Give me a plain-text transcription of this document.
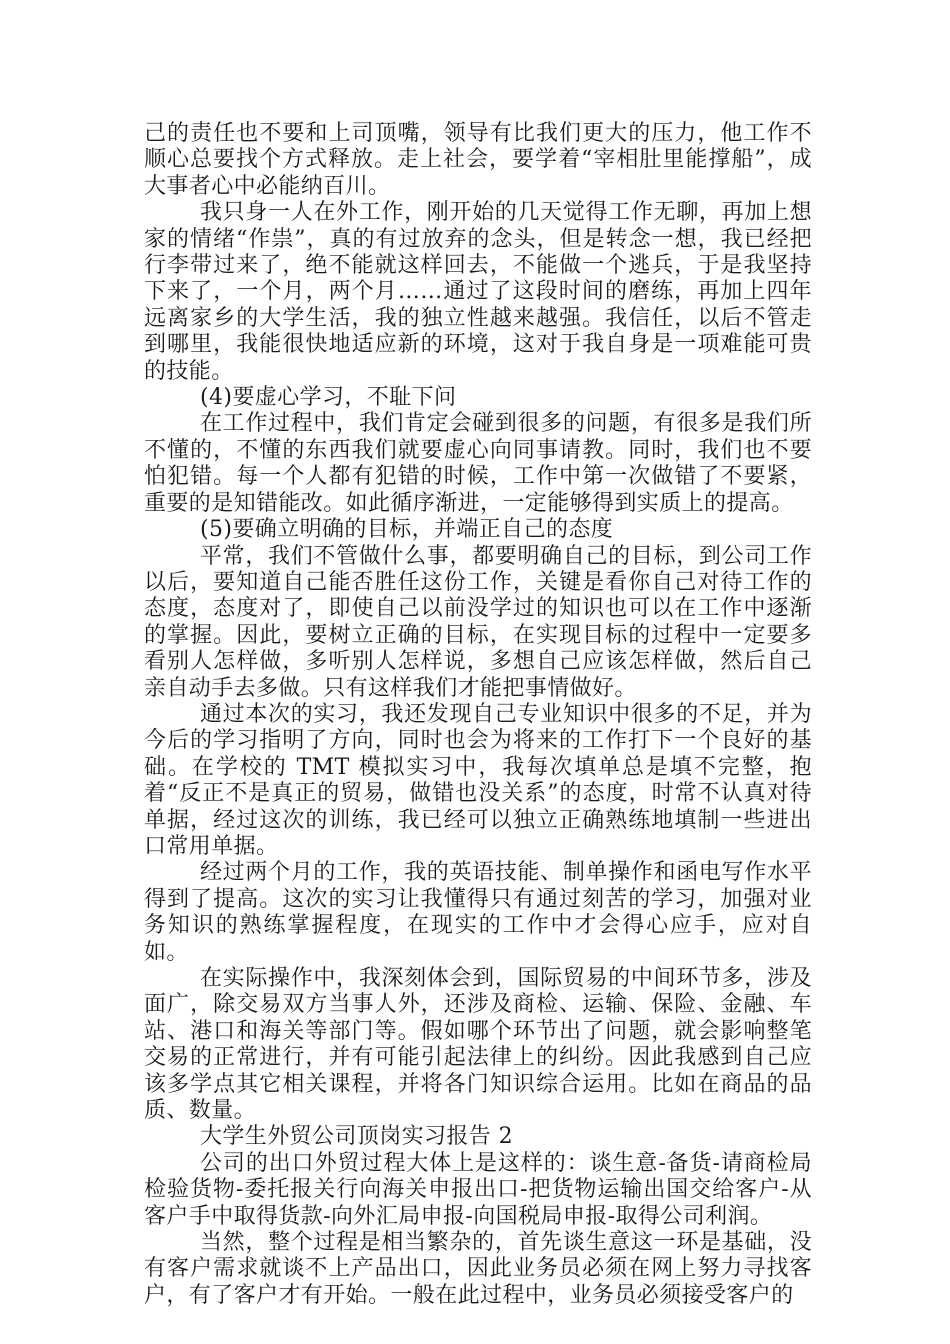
己的责任也不要和上司顶嘴，领导有比我们更大的压力，他工作不顺心总要找个方式释放。走上社会，要学着“宰相肚里能撑船”，成大事者心中必能纳百川。

我只身一人在外工作，刚开始的几天觉得工作无聊，再加上想家的情绪“作祟”，真的有过放弃的念头，但是转念一想，我已经把行李带过来了，绝不能就这样回去，不能做一个逃兵，于是我坚持下来了，一个月，两个月……通过了这段时间的磨练，再加上四年远离家乡的大学生活，我的独立性越来越强。我信任，以后不管走到哪里，我能很快地适应新的环境，这对于我自身是一项难能可贵的技能。

(4)要虚心学习，不耻下问

在工作过程中，我们肯定会碰到很多的问题，有很多是我们所不懂的，不懂的东西我们就要虚心向同事请教。同时，我们也不要怕犯错。每一个人都有犯错的时候，工作中第一次做错了不要紧，重要的是知错能改。如此循序渐进，一定能够得到实质上的提高。

(5)要确立明确的目标，并端正自己的态度

平常，我们不管做什么事，都要明确自己的目标，到公司工作以后，要知道自己能否胜任这份工作，关键是看你自己对待工作的态度，态度对了，即使自己以前没学过的知识也可以在工作中逐渐的掌握。因此，要树立正确的目标，在实现目标的过程中一定要多看别人怎样做，多听别人怎样说，多想自己应该怎样做，然后自己亲自动手去多做。只有这样我们才能把事情做好。

通过本次的实习，我还发现自己专业知识中很多的不足，并为今后的学习指明了方向，同时也会为将来的工作打下一个良好的基础。在学校的 TMT 模拟实习中，我每次填单总是填不完整，抱着“反正不是真正的贸易，做错也没关系”的态度，时常不认真对待单据，经过这次的训练，我已经可以独立正确熟练地填制一些进出口常用单据。

经过两个月的工作，我的英语技能、制单操作和函电写作水平得到了提高。这次的实习让我懂得只有通过刻苦的学习，加强对业务知识的熟练掌握程度，在现实的工作中才会得心应手，应对自如。

在实际操作中，我深刻体会到，国际贸易的中间环节多，涉及面广，除交易双方当事人外，还涉及商检、运输、保险、金融、车站、港口和海关等部门等。假如哪个环节出了问题，就会影响整笔交易的正常进行，并有可能引起法律上的纠纷。因此我感到自己应该多学点其它相关课程，并将各门知识综合运用。比如在商品的品质、数量。

大学生外贸公司顶岗实习报告 2

公司的出口外贸过程大体上是这样的：谈生意-备货-请商检局检验货物-委托报关行向海关申报出口-把货物运输出国交给客户-从客户手中取得货款-向外汇局申报-向国税局申报-取得公司利润。

当然，整个过程是相当繁杂的，首先谈生意这一环是基础，没有客户需求就谈不上产品出口，因此业务员必须在网上努力寻找客户，有了客户才有开始。一般在此过程中，业务员必须接受客户的
